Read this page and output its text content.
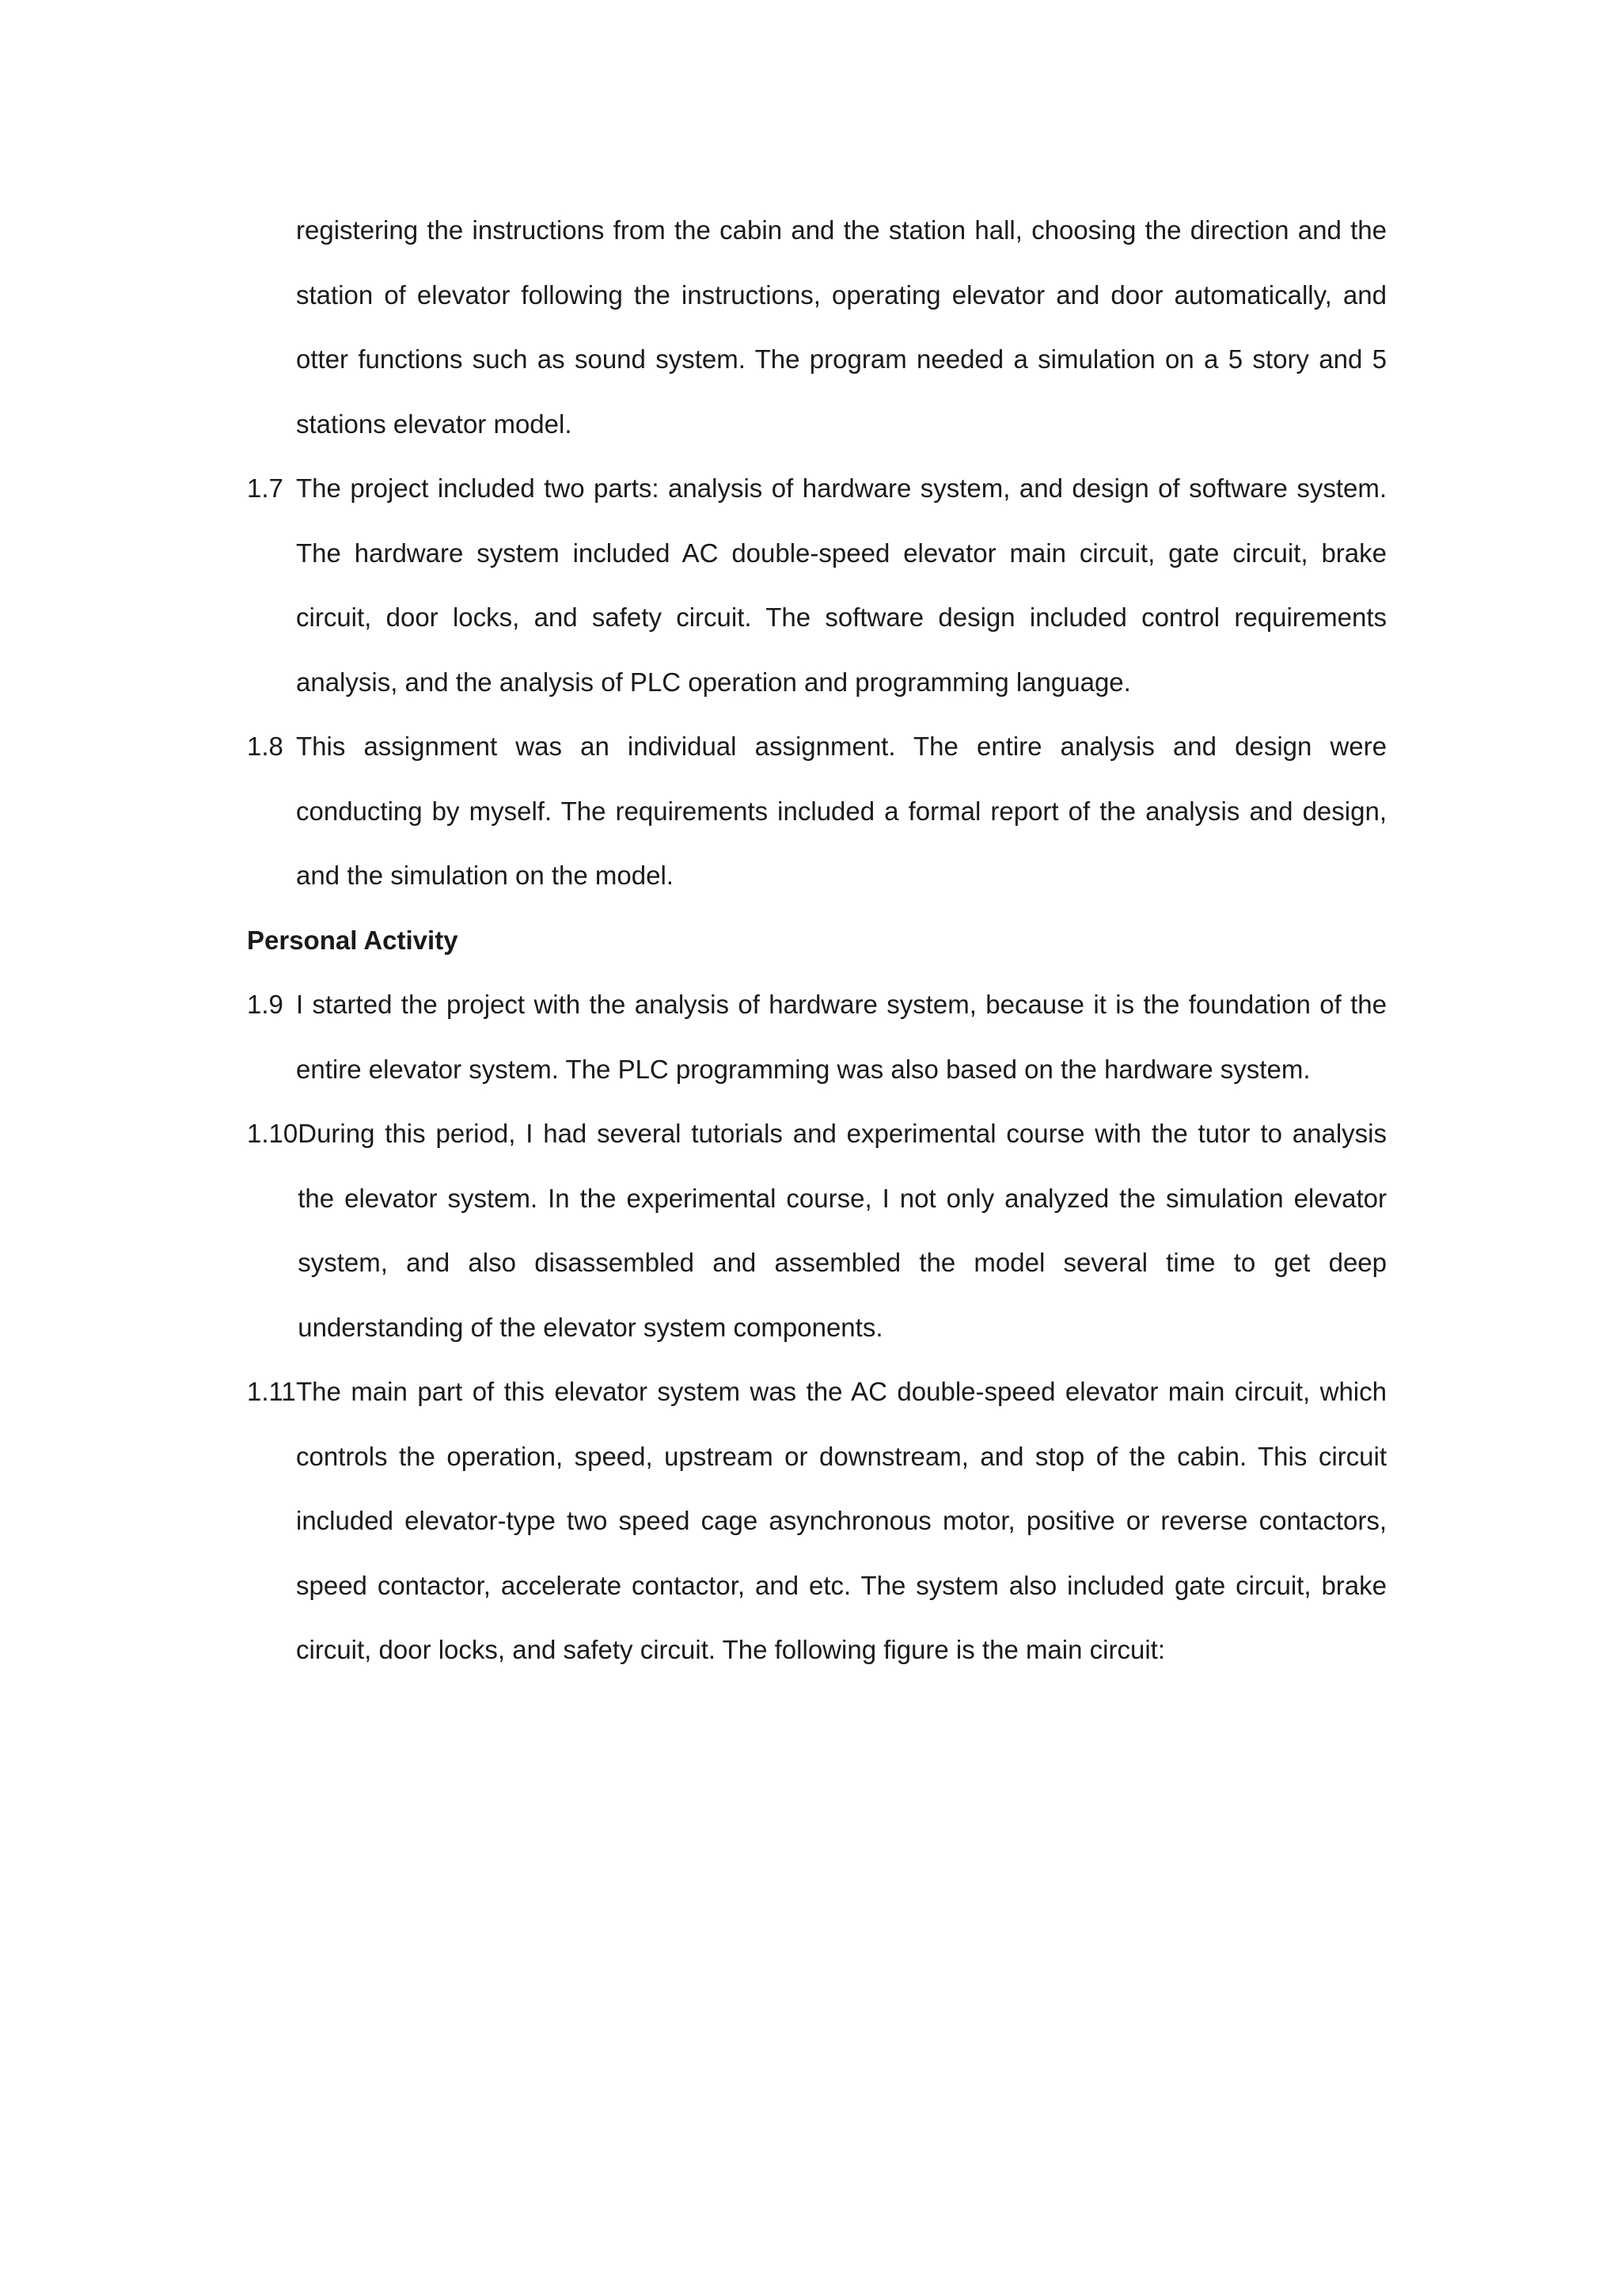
registering the instructions from the cabin and the station hall, choosing the direction and the station of elevator following the instructions, operating elevator and door automatically, and otter functions such as sound system. The program needed a simulation on a 5 story and 5 stations elevator model.

1.7 The project included two parts: analysis of hardware system, and design of software system. The hardware system included AC double-speed elevator main circuit, gate circuit, brake circuit, door locks, and safety circuit. The software design included control requirements analysis, and the analysis of PLC operation and programming language.
1.8 This assignment was an individual assignment. The entire analysis and design were conducting by myself. The requirements included a formal report of the analysis and design, and the simulation on the model.

Personal Activity

1.9 I started the project with the analysis of hardware system, because it is the foundation of the entire elevator system. The PLC programming was also based on the hardware system.
1.10 During this period, I had several tutorials and experimental course with the tutor to analysis the elevator system. In the experimental course, I not only analyzed the simulation elevator system, and also disassembled and assembled the model several time to get deep understanding of the elevator system components.
1.11 The main part of this elevator system was the AC double-speed elevator main circuit, which controls the operation, speed, upstream or downstream, and stop of the cabin. This circuit included elevator-type two speed cage asynchronous motor, positive or reverse contactors, speed contactor, accelerate contactor, and etc. The system also included gate circuit, brake circuit, door locks, and safety circuit. The following figure is the main circuit:
